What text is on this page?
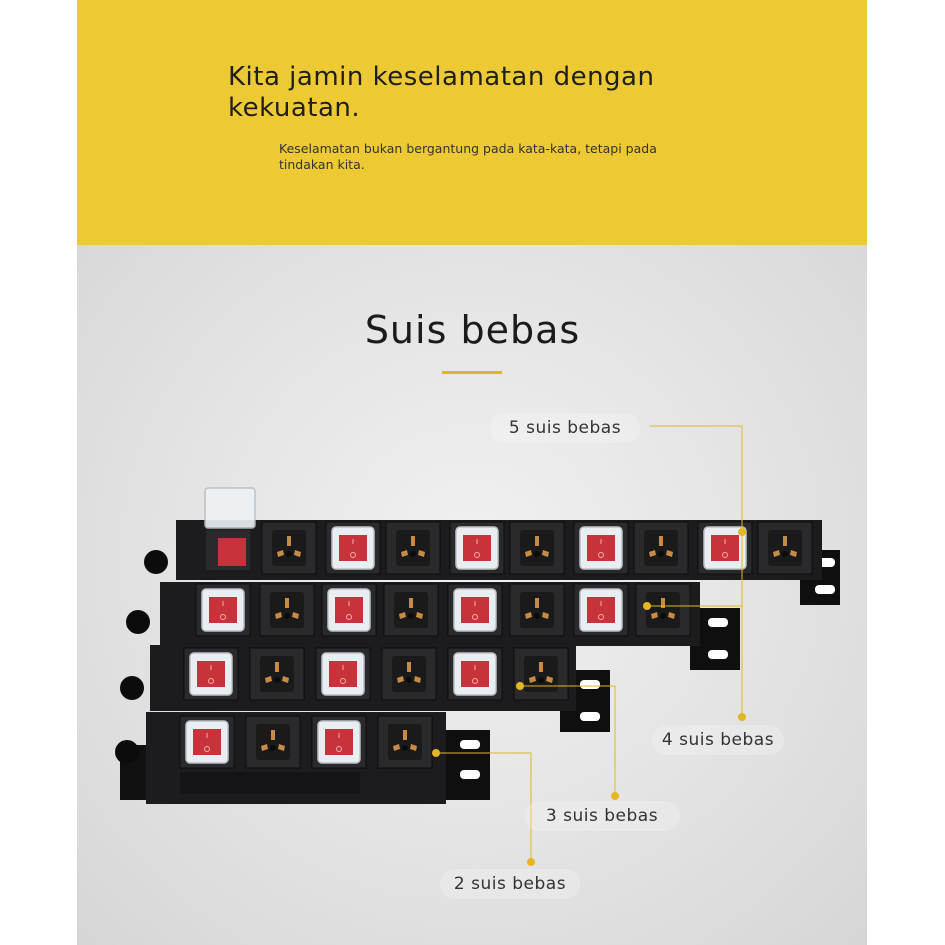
Kita jamin keselamatan dengan kekuatan.
Keselamatan bukan bergantung pada kata-kata, tetapi pada tindakan kita.
Suis bebas
5 suis bebas
4 suis bebas
3 suis bebas
2 suis bebas
